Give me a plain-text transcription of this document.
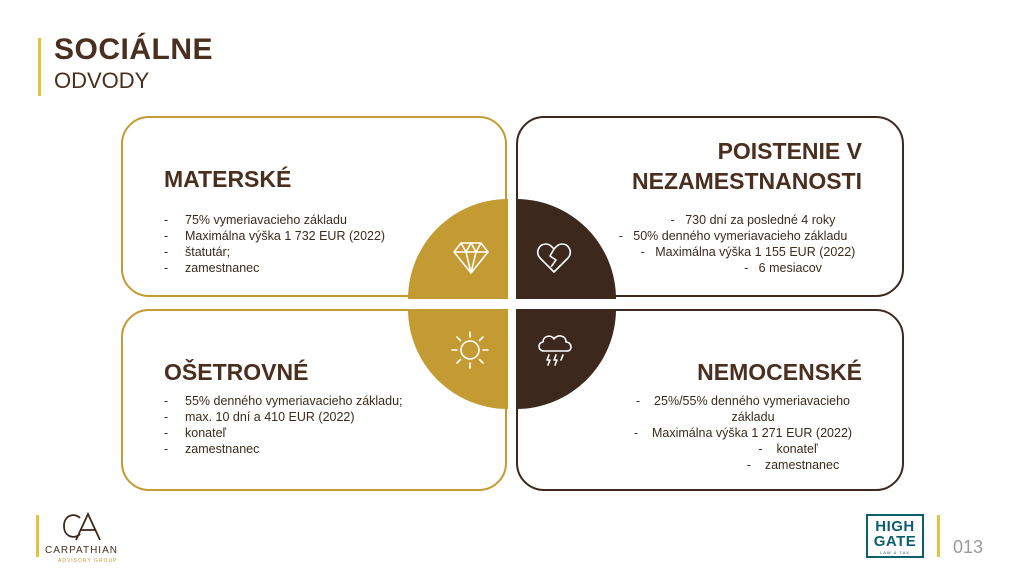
SOCIÁLNE
ODVODY
MATERSKÉ
- 75% vymeriavacieho základu
- Maximálna výška 1 732 EUR (2022)
- štatutár;
- zamestnanec
POISTENIE V
NEZAMESTNANOSTI
-   730 dní za posledné 4 roky
-   50% denného vymeriavacieho základu
-   Maximálna výška 1 155 EUR (2022)
-   6 mesiacov
OŠETROVNÉ
- 55% denného vymeriavacieho základu;
- max. 10 dní a 410 EUR (2022)
- konateľ
- zamestnanec
NEMOCENSKÉ
-    25%/55% denného vymeriavacieho
základu
-    Maximálna výška 1 271 EUR (2022)
-    konateľ
-    zamestnanec
CARPATHIAN
ADVISORY GROUP
HIGH
GATE
LAW & TAX	013
